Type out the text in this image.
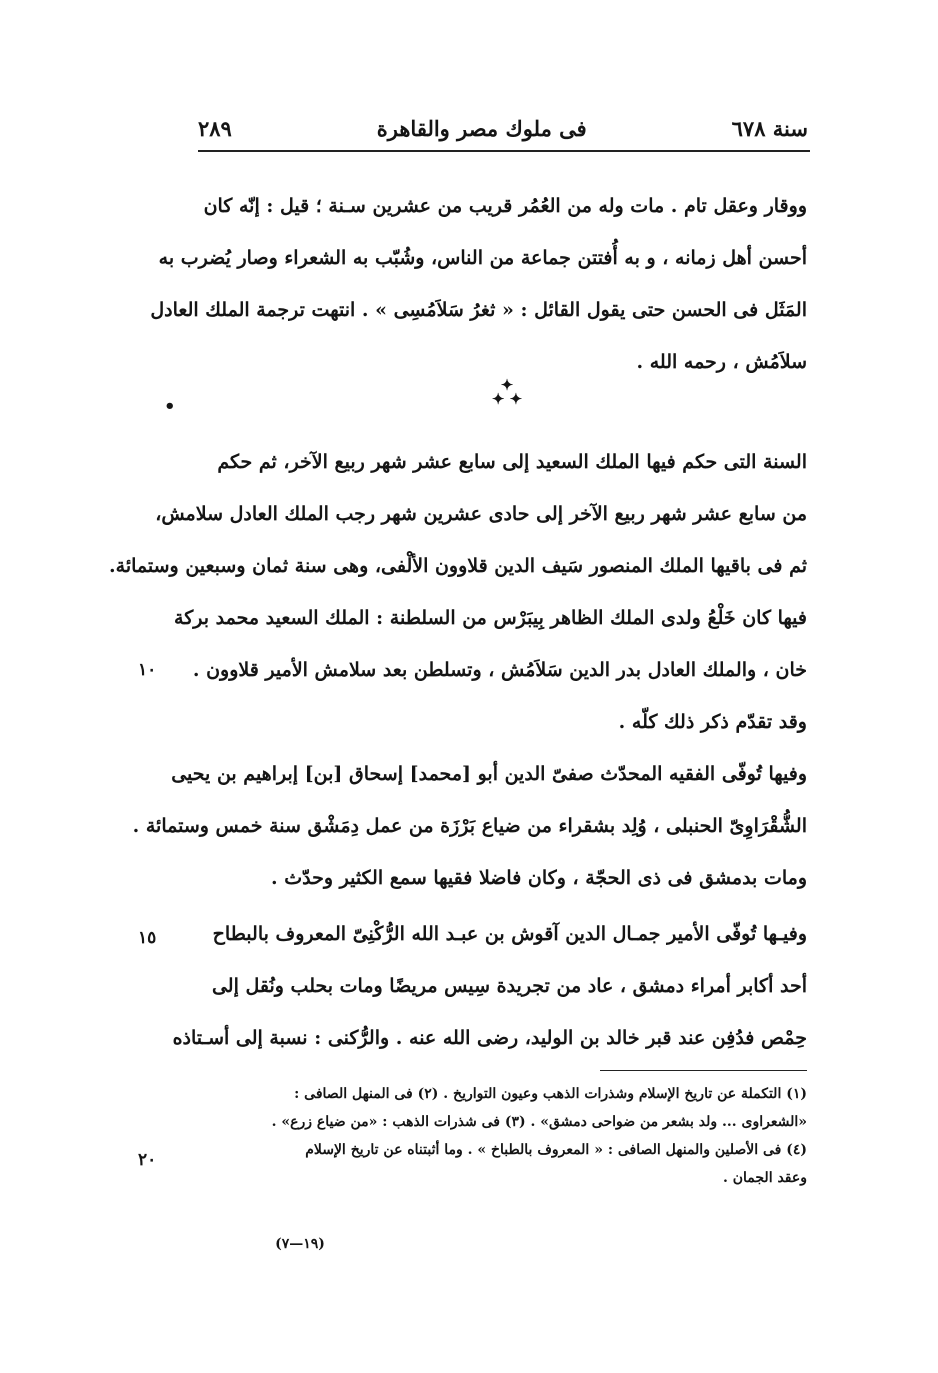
سنة ٦٧٨
فى ملوك مصر والقاهرة
٢٨٩
ووقار وعقل تام . مات وله من العُمُر قريب من عشرين سـنة ؛ قيل : إنّه كان
أحسن أهل زمانه ، و به أُفتتن جماعة من الناس، وشُبّب به الشعراء وصار يُضرب به
المَثَل فى الحسن حتى يقول القائل : « ثغرُ سَلاَمُسِى » . انتهت ترجمة الملك العادل
سلاَمُش ، رحمه الله .
✦
✦ ✦
•
السنة التى حكم فيها الملك السعيد إلى سابع عشر شهر ربيع الآخر، ثم حكم
من سابع عشر شهر ربيع الآخر إلى حادى عشرين شهر رجب الملك العادل سلامش،
ثم فى باقيها الملك المنصور سَيف الدين قلاوون الألْفى، وهى سنة ثمان وسبعين وستمائة.
فيها كان خَلْعُ ولدى الملك الظاهر بِيبَرْس من السلطنة : الملك السعيد محمد بركة
خان ، والملك العادل بدر الدين سَلاَمُش ، وتسلطن بعد سلامش الأمير قلاوون .
وقد تقدّم ذكر ذلك كلّه .
١٠
وفيها تُوفّى الفقيه المحدّث صفىّ الدين أبو [محمد] إسحاق [بن] إبراهيم بن يحيى
الشُّقْرَاوِىّ الحنبلى ، وُلِد بشقراء من ضياع بَرْزَة من عمل دِمَشْق سنة خمس وستمائة .
ومات بدمشق فى ذى الحجّة ، وكان فاضلا فقيها سمع الكثير وحدّث .
وفيـها تُوفّى الأمير جمـال الدين آقوش بن عبـد الله الرُّكْنِىّ المعروف بالبطاح
أحد أكابر أمراء دمشق ، عاد من تجريدة سِيس مريضًا ومات بحلب ونُقل إلى
حِمْص فدُفِن عند قبر خالد بن الوليد، رضى الله عنه . والرُّكنى : نسبة إلى أسـتاذه
١٥
(١) التكملة عن تاريخ الإسلام وشذرات الذهب وعيون التواريخ . (٢) فى المنهل الصافى :
«الشعراوى ... ولد بشعر من ضواحى دمشق» . (٣) فى شذرات الذهب : «من ضياع زرع» .
(٤) فى الأصلين والمنهل الصافى : « المعروف بالطباخ » . وما أثبتناه عن تاريخ الإسلام
وعقد الجمان .
٢٠
(١٩—٧)
